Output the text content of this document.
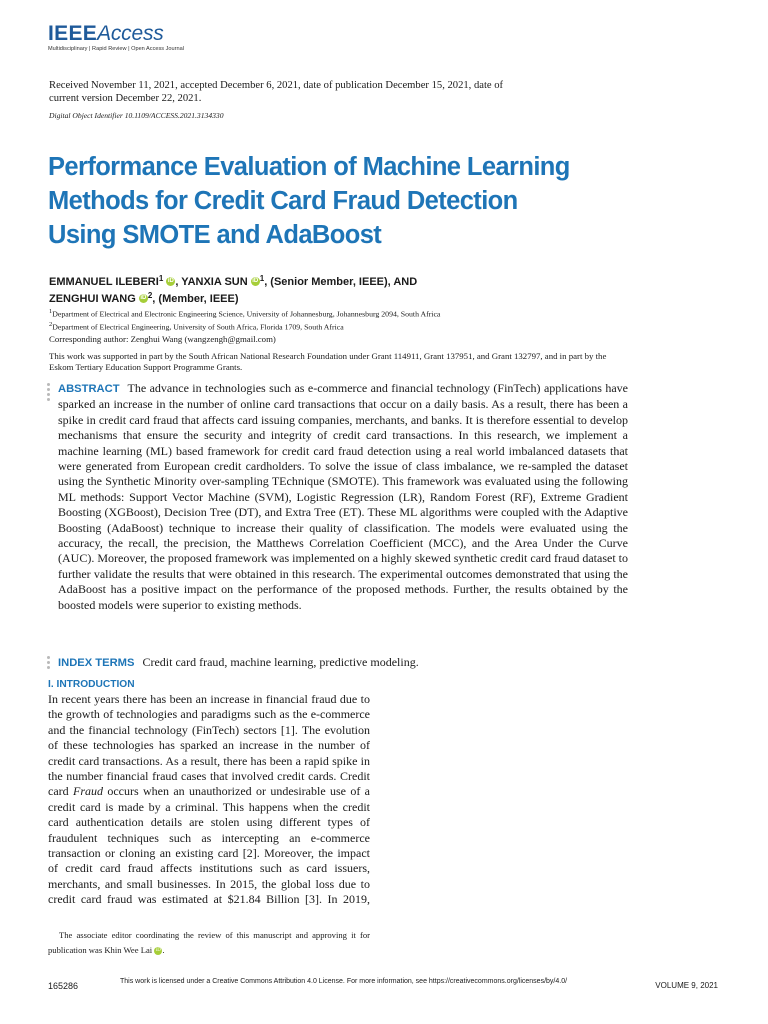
IEEEAccess
Multidisciplinary | Rapid Review | Open Access Journal
Received November 11, 2021, accepted December 6, 2021, date of publication December 15, 2021, date of current version December 22, 2021.
Digital Object Identifier 10.1109/ACCESS.2021.3134330
Performance Evaluation of Machine Learning
Methods for Credit Card Fraud Detection
Using SMOTE and AdaBoost
EMMANUEL ILEBERI$^1$ iD , YANXIA SUN iD $^1$, (Senior Member, IEEE), AND
ZENGHUI WANG iD $^2$, (Member, IEEE)
$^1$Department of Electrical and Electronic Engineering Science, University of Johannesburg, Johannesburg 2094, South Africa
$^2$Department of Electrical Engineering, University of South Africa, Florida 1709, South Africa
Corresponding author: Zenghui Wang (wangzengh@gmail.com)
This work was supported in part by the South African National Research Foundation under Grant 114911, Grant 137951, and Grant 132797, and in part by the Eskom Tertiary Education Support Programme Grants.
ABSTRACT The advance in technologies such as e-commerce and financial technology (FinTech) applications have sparked an increase in the number of online card transactions that occur on a daily basis. As a result, there has been a spike in credit card fraud that affects card issuing companies, merchants, and banks. It is therefore essential to develop mechanisms that ensure the security and integrity of credit card transactions. In this research, we implement a machine learning (ML) based framework for credit card fraud detection using a real world imbalanced datasets that were generated from European credit cardholders. To solve the issue of class imbalance, we re-sampled the dataset using the Synthetic Minority over-sampling TEchnique (SMOTE). This framework was evaluated using the following ML methods: Support Vector Machine (SVM), Logistic Regression (LR), Random Forest (RF), Extreme Gradient Boosting (XGBoost), Decision Tree (DT), and Extra Tree (ET). These ML algorithms were coupled with the Adaptive Boosting (AdaBoost) technique to increase their quality of classification. The models were evaluated using the accuracy, the recall, the precision, the Matthews Correlation Coefficient (MCC), and the Area Under the Curve (AUC). Moreover, the proposed framework was implemented on a highly skewed synthetic credit card fraud dataset to further validate the results that were obtained in this research. The experimental outcomes demonstrated that using the AdaBoost has a positive impact on the performance of the proposed methods. Further, the results obtained by the boosted models were superior to existing methods.
INDEX TERMS Credit card fraud, machine learning, predictive modeling.
I. INTRODUCTION

In recent years there has been an increase in financial fraud due to the growth of technologies and paradigms such as the e-commerce and the financial technology (FinTech) sectors [1]. The evolution of these technologies has sparked an increase in the number of credit card transactions. As a result, there has been a rapid spike in the number financial fraud cases that involved credit cards. Credit card Fraud occurs when an unauthorized or undesirable use of a credit card is made by a criminal. This happens when the credit card authentication details are stolen using different types of fraudulent techniques such as intercepting an e-commerce transaction or cloning an existing card [2]. Moreover, the impact of credit card fraud affects institutions such as card issuers, merchants, and small businesses. In 2015, the global loss due to credit card fraud was estimated at $21.84 Billion [3]. In 2019,

The associate editor coordinating the review of this manuscript and approving it for publication was Khin Wee Lai iD .
165286	This work is licensed under a Creative Commons Attribution 4.0 License. For more information, see https://creativecommons.org/licenses/by/4.0/	VOLUME 9, 2021
